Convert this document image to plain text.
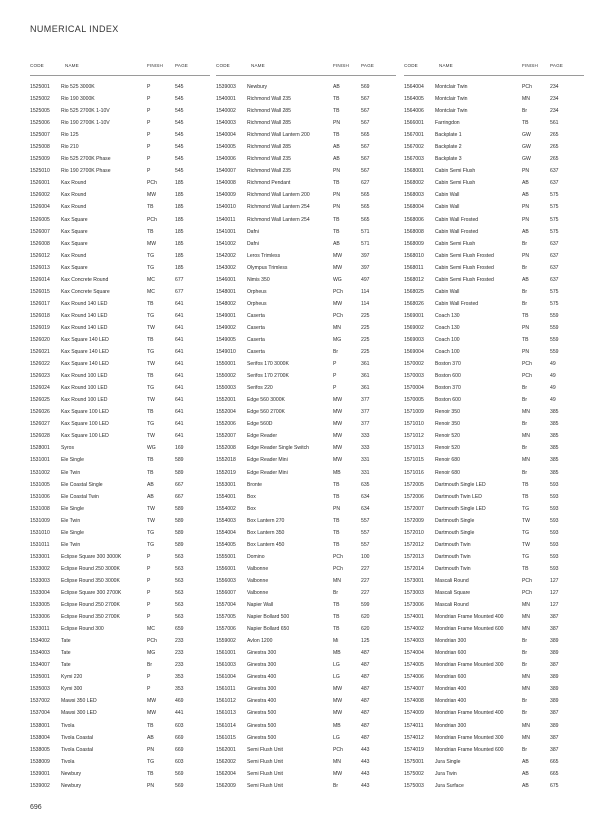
NUMERICAL INDEX
CODE	NAME	FINISH	PAGE
1525001	Rio 525 3000K	P	545
1525002	Rio 190 3000K	P	545
1525005	Rio 525 2700K 1-10V	P	545
1525006	Rio 190 2700K 1-10V	P	545
1525007	Rio 125	P	545
1525008	Rio 210	P	545
1525009	Rio 525 2700K Phase	P	545
1525010	Rio 190 2700K Phase	P	545
1526001	Kax Round	PCh	185
1526002	Kax Round	MW	185
1526004	Kax Round	TB	185
1526005	Kax Square	PCh	185
1526007	Kax Square	TB	185
1526008	Kax Square	MW	185
1526012	Kax Round	TG	185
1526013	Kax Square	TG	185
1526014	Kax Concrete Round	MC	677
1526015	Kax Concrete Square	MC	677
1526017	Kax Round 140 LED	TB	641
1526018	Kax Round 140 LED	TG	641
1526019	Kax Round 140 LED	TW	641
1526020	Kax Square 140 LED	TB	641
1526021	Kax Square 140 LED	TG	641
1526022	Kax Square 140 LED	TW	641
1526023	Kax Round 100 LED	TB	641
1526024	Kax Round 100 LED	TG	641
1526025	Kax Round 100 LED	TW	641
1526026	Kax Square 100 LED	TB	641
1526027	Kax Square 100 LED	TG	641
1526028	Kax Square 100 LED	TW	641
1528001	Syros	WG	169
1531001	Ele Single	TB	589
1531002	Ele Twin	TB	589
1531005	Ele Coastal Single	AB	667
1531006	Ele Coastal Twin	AB	667
1531008	Ele Single	TW	589
1531009	Ele Twin	TW	589
1531010	Ele Single	TG	589
1531011	Ele Twin	TG	589
1533001	Eclipse Square 300 3000K	P	563
1533002	Eclipse Round 250 3000K	P	563
1533003	Eclipse Round 350 3000K	P	563
1533004	Eclipse Square 300 2700K	P	563
1533005	Eclipse Round 250 2700K	P	563
1533006	Eclipse Round 350 2700K	P	563
1533011	Eclipse Round 300	MC	659
1534002	Tate	PCh	233
1534003	Tate	MG	233
1534007	Tate	Br	233
1535001	Kymi 220	P	353
1535003	Kymi 300	P	353
1537002	Mawsi 350 LED	MW	469
1537004	Mawsi 300 LED	MW	441
1538001	Tivola	TB	603
1538004	Tivola Coastal	AB	669
1538005	Tivola Coastal	PN	669
1538009	Tivola	TG	603
1539001	Newbury	TB	569
1539002	Newbury	PN	569
CODE	NAME	FINISH	PAGE
1539003	Newbury	AB	569
1540001	Richmond Wall 235	TB	567
1540002	Richmond Wall 285	TB	567
1540003	Richmond Wall 285	PN	567
1540004	Richmond Wall Lantern 200	TB	565
1540005	Richmond Wall 285	AB	567
1540006	Richmond Wall 235	AB	567
1540007	Richmond Wall 235	PN	567
1540008	Richmond Pendant	TB	627
1540009	Richmond Wall Lantern 200	PN	565
1540010	Richmond Wall Lantern 254	PN	565
1540011	Richmond Wall Lantern 254	TB	565
1541001	Dafni	TB	571
1541002	Dafni	AB	571
1542002	Leros Trimless	MW	397
1543002	Olympus Trimless	MW	397
1546001	Nimis 350	WG	497
1548001	Orpheus	PCh	114
1548002	Orpheus	MW	114
1549001	Caserta	PCh	225
1549002	Caserta	MN	225
1549005	Caserta	MG	225
1549010	Caserta	Br	225
1550001	Serifos 170 3000K	P	361
1550002	Serifos 170 2700K	P	361
1550003	Serifos 220	P	361
1552001	Edge 560 3000K	MW	377
1552004	Edge 560 2700K	MW	377
1552006	Edge 560D	MW	377
1552007	Edge Reader	MW	333
1552008	Edge Reader Single Switch	MW	333
1552018	Edge Reader Mini	MW	331
1552019	Edge Reader Mini	MB	331
1553001	Bronte	TB	635
1554001	Box	TB	634
1554002	Box	PN	634
1554003	Box Lantern 270	TB	557
1554004	Box Lantern 350	TB	557
1554005	Box Lantern 450	TB	557
1555001	Domino	PCh	100
1556001	Valbonne	PCh	227
1556003	Valbonne	MN	227
1556007	Valbonne	Br	227
1557004	Napier Wall	TB	599
1557005	Napier Bollard 500	TB	620
1557006	Napier Bollard 650	TB	620
1559002	Avlon 1200	Mi	125
1561001	Ginestra 300	MB	487
1561003	Ginestra 300	LG	487
1561004	Ginestra 400	LG	487
1561011	Ginestra 300	MW	487
1561012	Ginestra 400	MW	487
1561013	Ginestra 500	MW	487
1561014	Ginestra 500	MB	487
1561015	Ginestra 500	LG	487
1562001	Semi Flush Unit	PCh	443
1562002	Semi Flush Unit	MN	443
1562004	Semi Flush Unit	MW	443
1562009	Semi Flush Unit	Br	443
CODE	NAME	FINISH	PAGE
1564004	Montclair Twin	PCh	234
1564005	Montclair Twin	MN	234
1564006	Montclair Twin	Br	234
1566001	Farringdon	TB	561
1567001	Backplate 1	GW	265
1567002	Backplate 2	GW	265
1567003	Backplate 3	GW	265
1568001	Cabin Semi Flush	PN	637
1568002	Cabin Semi Flush	AB	637
1568003	Cabin Wall	AB	575
1568004	Cabin Wall	PN	575
1568006	Cabin Wall Frosted	PN	575
1568008	Cabin Wall Frosted	AB	575
1568009	Cabin Semi Flush	Br	637
1568010	Cabin Semi Flush Frosted	PN	637
1568011	Cabin Semi Flush Frosted	Br	637
1568012	Cabin Semi Flush Frosted	AB	637
1568025	Cabin Wall	Br	575
1568026	Cabin Wall Frosted	Br	575
1569001	Coach 130	TB	559
1569002	Coach 130	PN	559
1569003	Coach 100	TB	559
1569004	Coach 100	PN	559
1570002	Boston 370	PCh	49
1570003	Boston 600	PCh	49
1570004	Boston 370	Br	49
1570005	Boston 600	Br	49
1571009	Renoir 350	MN	385
1571010	Renoir 350	Br	385
1571012	Renoir 520	MN	385
1571013	Renoir 520	Br	385
1571015	Renoir 680	MN	385
1571016	Renoir 680	Br	385
1572005	Dartmouth Single LED	TB	593
1572006	Dartmouth Twin LED	TB	593
1572007	Dartmouth Single LED	TG	593
1572009	Dartmouth Single	TW	593
1572010	Dartmouth Single	TG	593
1572012	Dartmouth Twin	TW	593
1572013	Dartmouth Twin	TG	593
1572014	Dartmouth Twin	TB	593
1573001	Mascali Round	PCh	127
1573003	Mascali Square	PCh	127
1573006	Mascali Round	MN	127
1574001	Mondrian Frame Mounted 400	MN	387
1574002	Mondrian Frame Mounted 600	MN	387
1574003	Mondrian 300	Br	389
1574004	Mondrian 600	Br	389
1574005	Mondrian Frame Mounted 300	Br	387
1574006	Mondrian 600	MN	389
1574007	Mondrian 400	MN	389
1574008	Mondrian 400	Br	389
1574009	Mondrian Frame Mounted 400	Br	387
1574011	Mondrian 300	MN	389
1574012	Mondrian Frame Mounted 300	MN	387
1574019	Mondrian Frame Mounted 600	Br	387
1575001	Jura Single	AB	665
1575002	Jura Twin	AB	665
1575003	Jura Surface	AB	675
696
